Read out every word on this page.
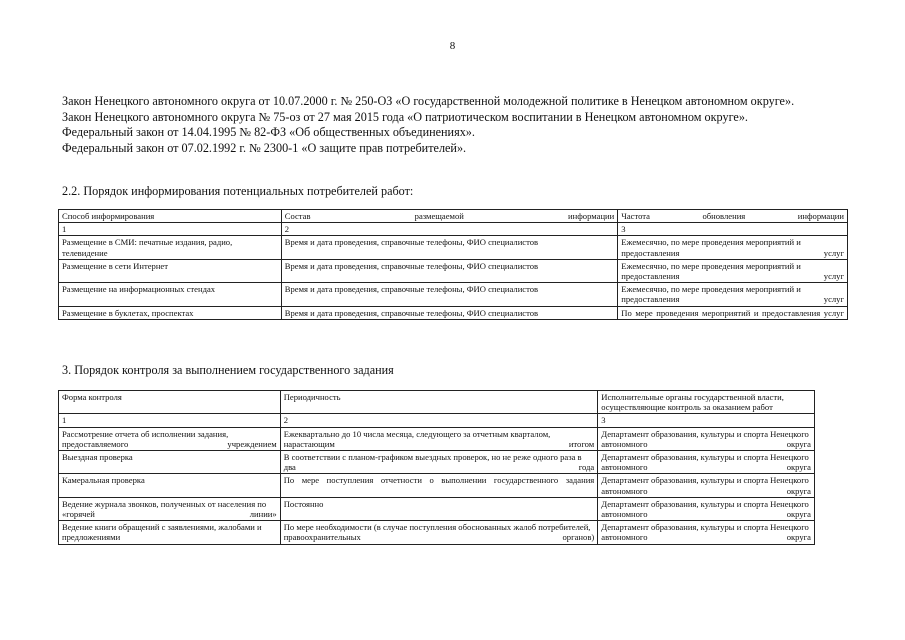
8

Закон Ненецкого автономного округа от 10.07.2000 г. № 250-ОЗ «О государственной молодежной политике в Ненецком автономном округе».

Закон Ненецкого автономного округа № 75-оз от 27 мая 2015 года «О патриотическом воспитании в Ненецком автономном округе».

Федеральный закон от 14.04.1995 № 82-ФЗ «Об общественных объединениях».

Федеральный закон от 07.02.1992 г. № 2300-1 «О защите прав потребителей».

2.2. Порядок информирования потенциальных потребителей работ:
Способ информирования	Состав размещаемой информации	Частота обновления информации
1	2	3
Размещение в СМИ: печатные издания, радио, телевидение	Время и дата проведения, справочные телефоны, ФИО специалистов	Ежемесячно, по мере проведения мероприятий и предоставления услуг
Размещение в сети Интернет	Время и дата проведения, справочные телефоны, ФИО специалистов	Ежемесячно, по мере проведения мероприятий и предоставления услуг
Размещение на информационных стендах	Время и дата проведения, справочные телефоны, ФИО специалистов	Ежемесячно, по мере проведения мероприятий и предоставления услуг
Размещение в буклетах, проспектах	Время и дата проведения, справочные телефоны, ФИО специалистов	По мере проведения мероприятий и предоставления услуг
3. Порядок контроля за выполнением государственного задания
Форма контроля	Периодичность	Исполнительные органы государственной власти, осуществляющие контроль за оказанием работ
1	2	3
Рассмотрение отчета об исполнении задания, предоставляемого учреждением	Ежеквартально до 10 числа месяца, следующего за отчетным кварталом, нарастающим итогом	Департамент образования, культуры и спорта Ненецкого автономного округа
Выездная проверка	В соответствии с планом-графиком выездных проверок, но не реже одного раза в два года	Департамент образования, культуры и спорта Ненецкого автономного округа
Камеральная проверка	По мере поступления отчетности о выполнении государственного задания	Департамент образования, культуры и спорта Ненецкого автономного округа
Ведение журнала звонков, полученных от населения по «горячей линии»	Постоянно	Департамент образования, культуры и спорта Ненецкого автономного округа
Ведение книги обращений с заявлениями, жалобами и предложениями	По мере необходимости (в случае поступления обоснованных жалоб потребителей, правоохранительных органов)	Департамент образования, культуры и спорта Ненецкого автономного округа
